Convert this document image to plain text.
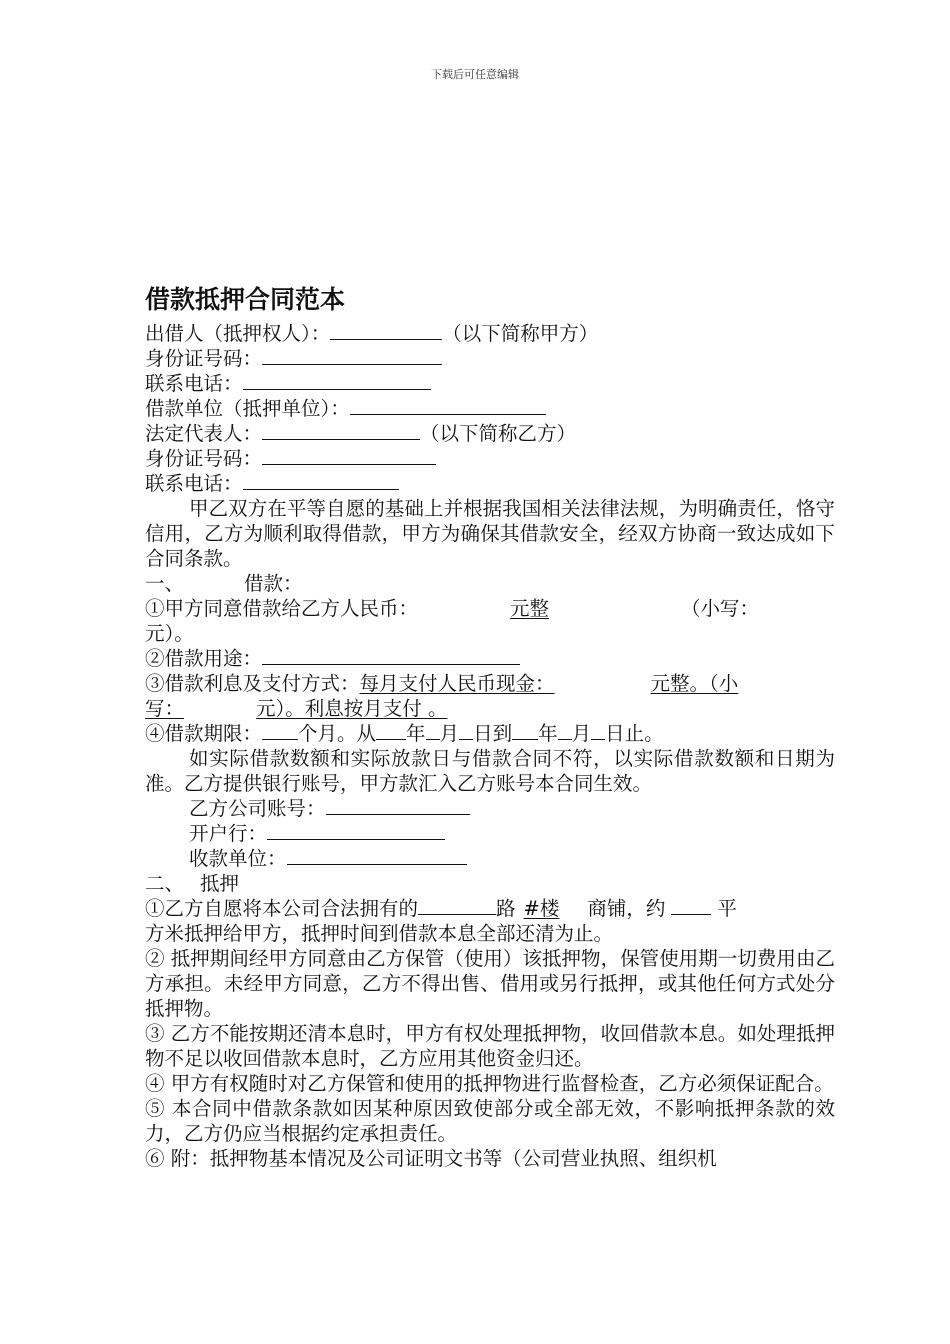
下载后可任意编辑
借款抵押合同范本
出借人（抵押权人）：	（以下简称甲方）
身份证号码：
联系电话：
借款单位（抵押单位）：
法定代表人：	（以下简称乙方）
身份证号码：
联系电话：
甲乙双方在平等自愿的基础上并根据我国相关法律法规，为明确责任，恪守信用，乙方为顺利取得借款，甲方为确保其借款安全，经双方协商一致达成如下合同条款。
一、	借款：
①甲方同意借款给乙方人民币：	元整	（小写：
元）。
②借款用途：
③借款利息及支付方式：每月支付人民币现金：	元整。（小
写：	元）。利息按月支付 。
④借款期限： 个月。从 年 月 日到 年 月 日止。
如实际借款数额和实际放款日与借款合同不符，以实际借款数额和日期为准。乙方提供银行账号，甲方款汇入乙方账号本合同生效。
乙方公司账号：
开户行：
收款单位：
二、 抵押
①乙方自愿将本公司合法拥有的	路 #楼 商铺，约	平
方米抵押给甲方，抵押时间到借款本息全部还清为止。
② 抵押期间经甲方同意由乙方保管（使用）该抵押物，保管使用期一切费用由乙方承担。未经甲方同意，乙方不得出售、借用或另行抵押，或其他任何方式处分抵押物。
③ 乙方不能按期还清本息时，甲方有权处理抵押物，收回借款本息。如处理抵押物不足以收回借款本息时，乙方应用其他资金归还。
④ 甲方有权随时对乙方保管和使用的抵押物进行监督检查，乙方必须保证配合。
⑤ 本合同中借款条款如因某种原因致使部分或全部无效，不影响抵押条款的效力，乙方仍应当根据约定承担责任。
⑥ 附：抵押物基本情况及公司证明文书等（公司营业执照、组织机
